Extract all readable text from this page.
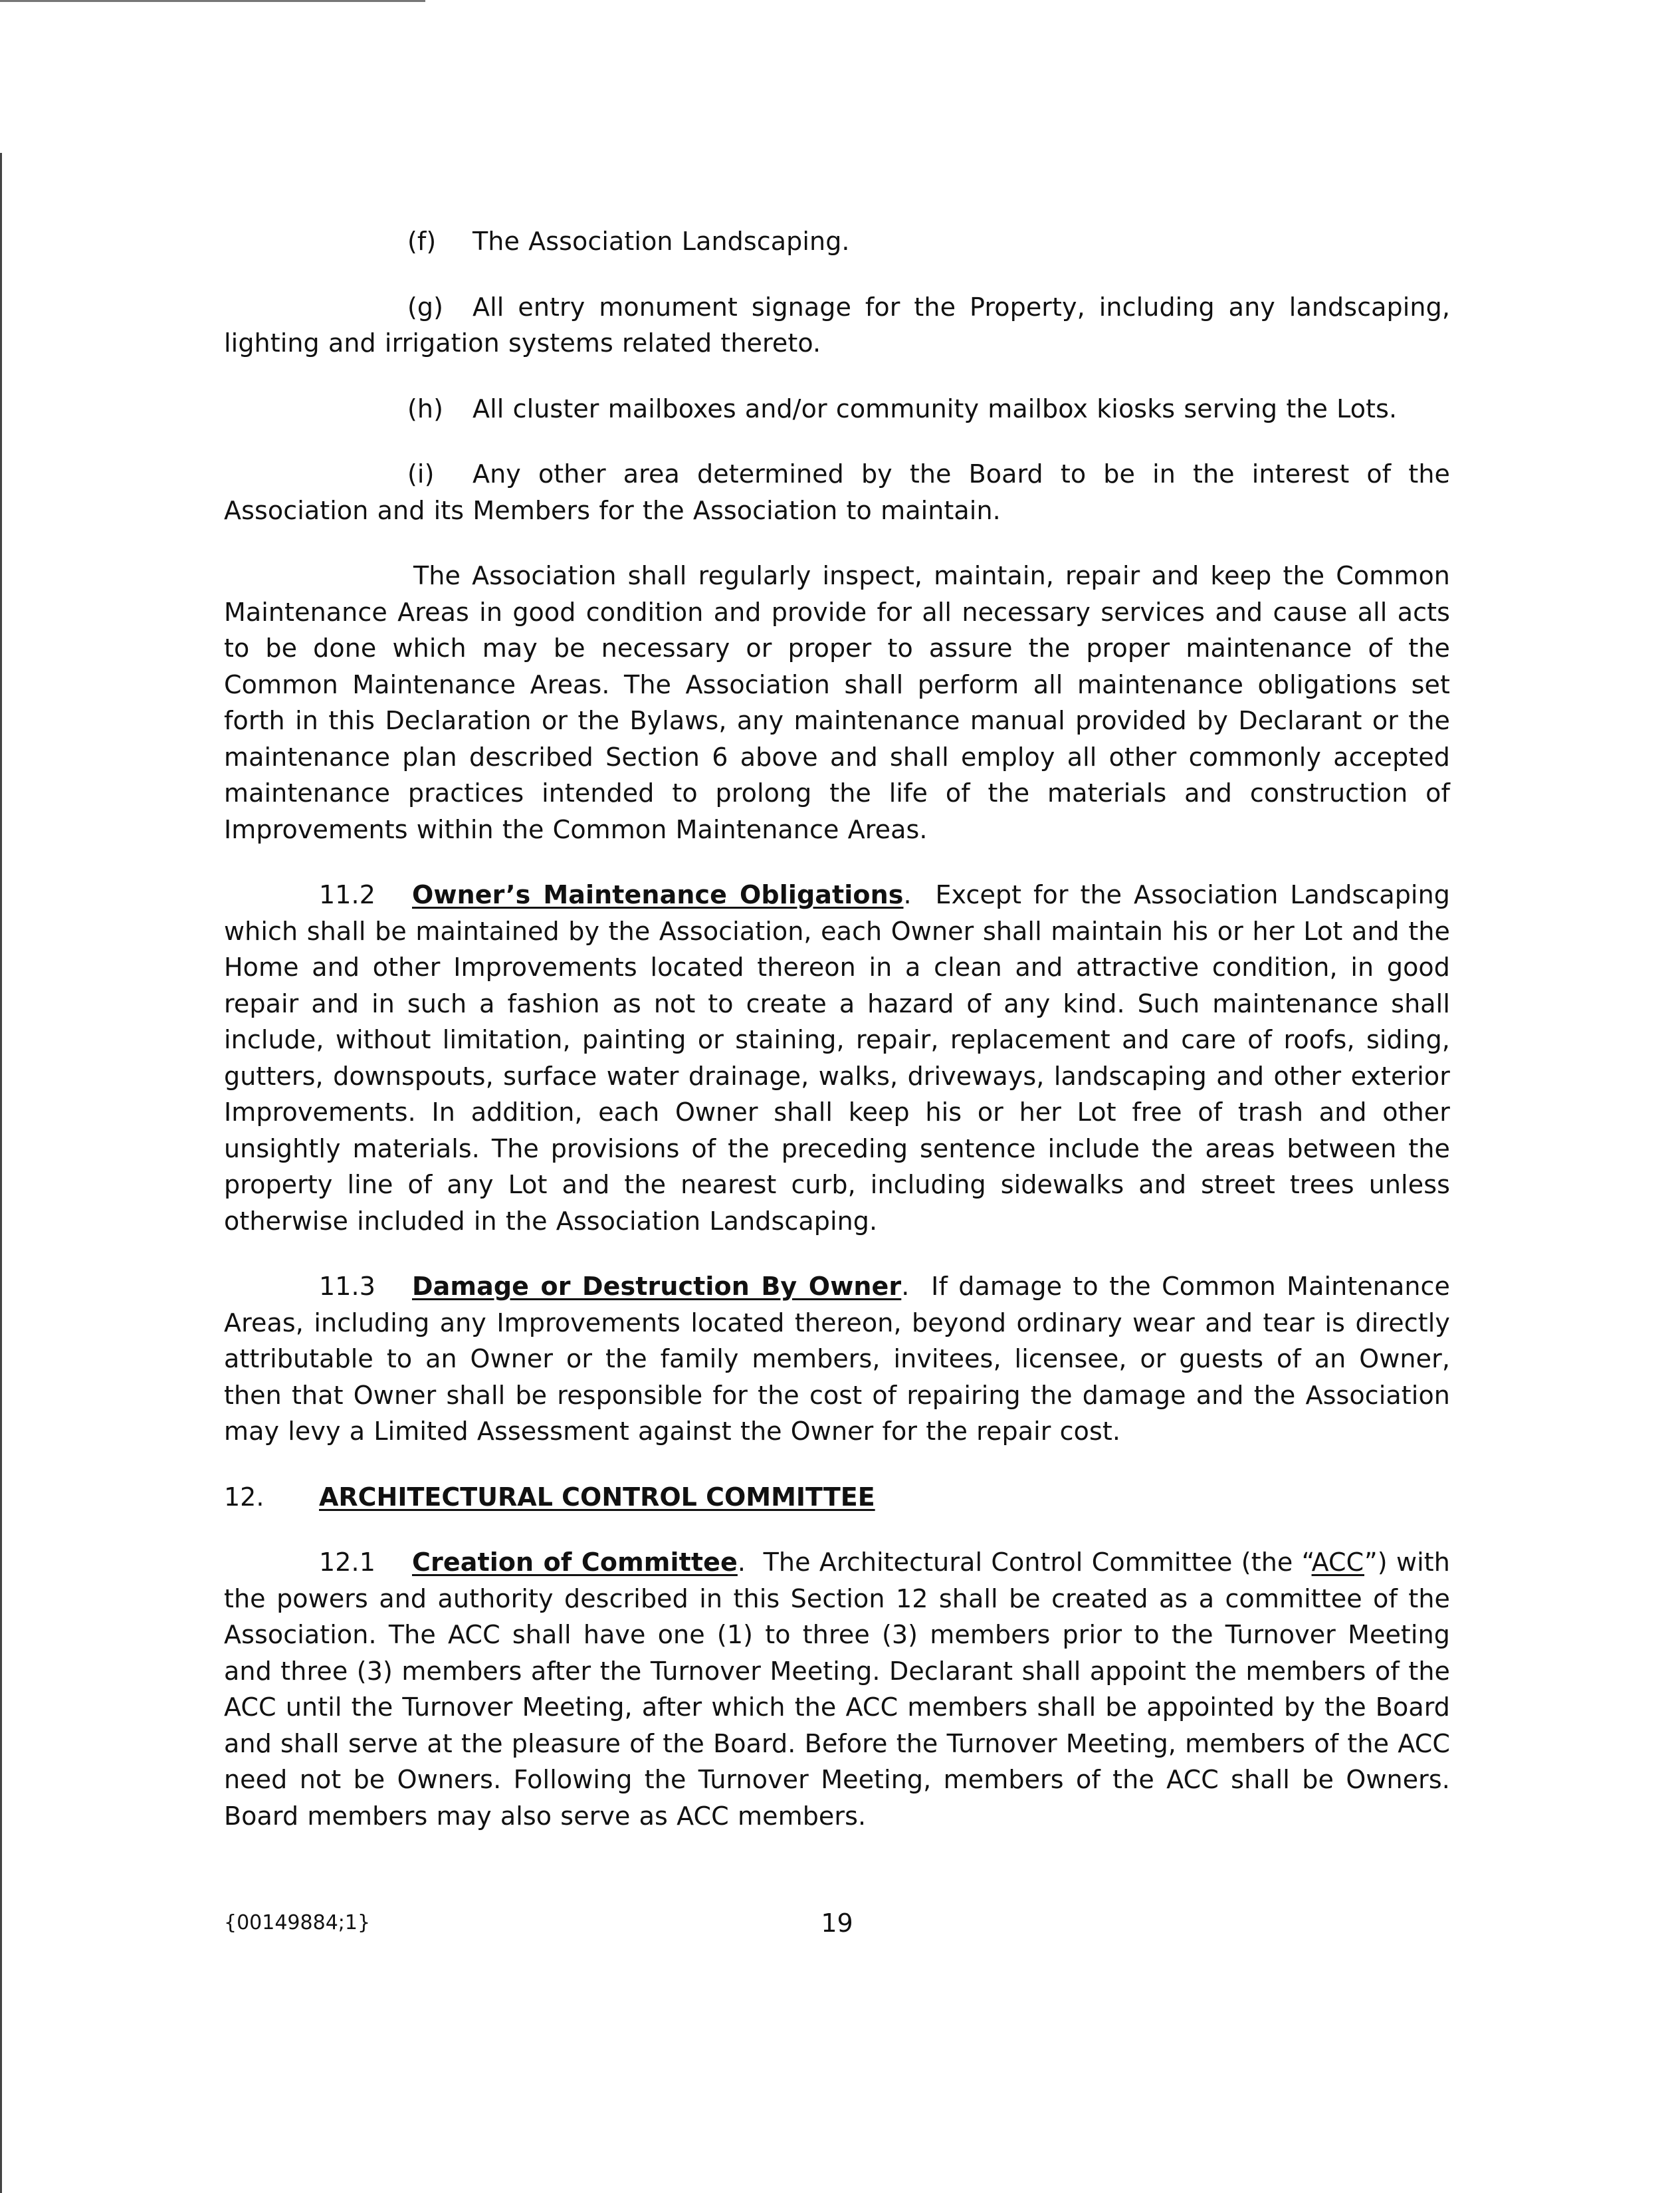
(f) The Association Landscaping.

(g) All entry monument signage for the Property, including any landscaping, lighting and irrigation systems related thereto.

(h) All cluster mailboxes and/or community mailbox kiosks serving the Lots.

(i) Any other area determined by the Board to be in the interest of the Association and its Members for the Association to maintain.

The Association shall regularly inspect, maintain, repair and keep the Common Maintenance Areas in good condition and provide for all necessary services and cause all acts to be done which may be necessary or proper to assure the proper maintenance of the Common Maintenance Areas. The Association shall perform all maintenance obligations set forth in this Declaration or the Bylaws, any maintenance manual provided by Declarant or the maintenance plan described Section 6 above and shall employ all other commonly accepted maintenance practices intended to prolong the life of the materials and construction of Improvements within the Common Maintenance Areas.

11.2 Owner’s Maintenance Obligations.  Except for the Association Landscaping which shall be maintained by the Association, each Owner shall maintain his or her Lot and the Home and other Improvements located thereon in a clean and attractive condition, in good repair and in such a fashion as not to create a hazard of any kind. Such maintenance shall include, without limitation, painting or staining, repair, replacement and care of roofs, siding, gutters, downspouts, surface water drainage, walks, driveways, landscaping and other exterior Improvements. In addition, each Owner shall keep his or her Lot free of trash and other unsightly materials. The provisions of the preceding sentence include the areas between the property line of any Lot and the nearest curb, including sidewalks and street trees unless otherwise included in the Association Landscaping.

11.3 Damage or Destruction By Owner.  If damage to the Common Maintenance Areas, including any Improvements located thereon, beyond ordinary wear and tear is directly attributable to an Owner or the family members, invitees, licensee, or guests of an Owner, then that Owner shall be responsible for the cost of repairing the damage and the Association may levy a Limited Assessment against the Owner for the repair cost.

12. ARCHITECTURAL CONTROL COMMITTEE

12.1 Creation of Committee.  The Architectural Control Committee (the “ACC”) with the powers and authority described in this Section 12 shall be created as a committee of the Association. The ACC shall have one (1) to three (3) members prior to the Turnover Meeting and three (3) members after the Turnover Meeting. Declarant shall appoint the members of the ACC until the Turnover Meeting, after which the ACC members shall be appointed by the Board and shall serve at the pleasure of the Board. Before the Turnover Meeting, members of the ACC need not be Owners. Following the Turnover Meeting, members of the ACC shall be Owners. Board members may also serve as ACC members.

{00149884;1}	19
